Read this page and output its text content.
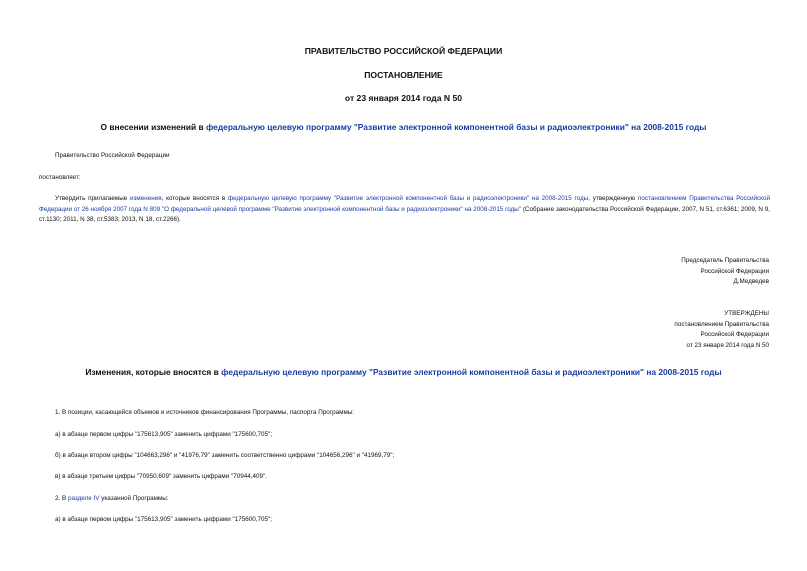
ПРАВИТЕЛЬСТВО РОССИЙСКОЙ ФЕДЕРАЦИИ
ПОСТАНОВЛЕНИЕ
от 23 января 2014 года N 50
О внесении изменений в федеральную целевую программу "Развитие электронной компонентной базы и радиоэлектроники" на 2008-2015 годы

Правительство Российской Федерации

постановляет:

Утвердить прилагаемые изменения, которые вносятся в федеральную целевую программу "Развитие электронной компонентной базы и радиоэлектроники" на 2008-2015 годы, утвержденную постановлением Правительства Российской Федерации от 26 ноября 2007 года N 809 "О федеральной целевой программе "Развитие электронной компонентной базы и радиоэлектроники" на 2008-2015 годы" (Собрание законодательства Российской Федерации, 2007, N 51, ст.6361; 2009, N 9, ст.1130; 2011, N 38, ст.5383; 2013, N 18, ст.2266).

Председатель Правительства
Российской Федерации
Д.Медведев
УТВЕРЖДЕНЫ
постановлением Правительства
Российской Федерации
от 23 января 2014 года N 50
Изменения, которые вносятся в федеральную целевую программу "Развитие электронной компонентной базы и радиоэлектроники" на 2008-2015 годы

1. В позиции, касающейся объемов и источников финансирования Программы, паспорта Программы:

а) в абзаце первом цифры "175613,905" заменить цифрами "175600,705";

б) в абзаце втором цифры "104663,296" и "41976,79" заменить соответственно цифрами "104656,296" и "41969,79";

в) в абзаце третьем цифры "70950,609" заменить цифрами "70944,409".

2. В разделе IV указанной Программы:

а) в абзаце первом цифры "175613,905" заменить цифрами "175600,705";
